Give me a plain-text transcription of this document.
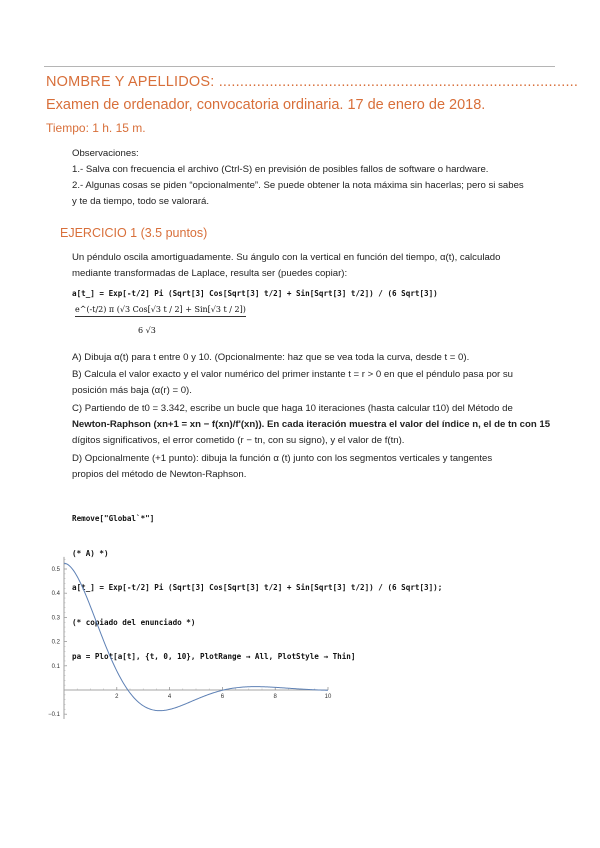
NOMBRE Y APELLIDOS: .....................................................................................
Examen de ordenador, convocatoria ordinaria. 17 de enero de 2018.
Tiempo: 1 h. 15 m.
Observaciones:
1.- Salva con frecuencia el archivo (Ctrl-S) en previsión de posibles fallos de software o hardware.
2.- Algunas cosas se piden “opcionalmente”. Se puede obtener la nota máxima sin hacerlas; pero si sabes
y te da tiempo, todo se valorará.
EJERCICIO 1 (3.5 puntos)
Un péndulo oscila amortiguadamente. Su ángulo con la vertical en función del tiempo, α(t), calculado
mediante transformadas de Laplace, resulta ser (puedes copiar):
a[t_] = Exp[-t/2] Pi (Sqrt[3] Cos[Sqrt[3] t/2] + Sin[Sqrt[3] t/2]) / (6 Sqrt[3])
e^(-t/2) π (√3 Cos[√3 t / 2] + Sin[√3 t / 2])
6 √3
A) Dibuja α(t) para t entre 0 y 10. (Opcionalmente: haz que se vea toda la curva, desde t = 0).
B) Calcula el valor exacto y el valor numérico del primer instante t = r > 0 en que el péndulo pasa por su
posición más baja (α(r) = 0).
C) Partiendo de t0 = 3.342, escribe un bucle que haga 10 iteraciones (hasta calcular t10) del Método de
Newton-Raphson (xn+1 = xn − f(xn)/f'(xn)). En cada iteración muestra el valor del índice n, el de tn con 15
dígitos significativos, el error cometido (r − tn, con su signo), y el valor de f(tn).
D) Opcionalmente (+1 punto): dibuja la función α (t) junto con los segmentos verticales y tangentes
propios del método de Newton-Raphson.

Remove["Global`*"]

(* A) *)

a[t_] = Exp[-t/2] Pi (Sqrt[3] Cos[Sqrt[3] t/2] + Sin[Sqrt[3] t/2]) / (6 Sqrt[3]);

(* copiado del enunciado *)

pa = Plot[a[t], {t, 0, 10}, PlotRange → All, PlotStyle → Thin]

2	4	6	8	10
0.5
0.4
0.3
0.2
0.1
−0.1
